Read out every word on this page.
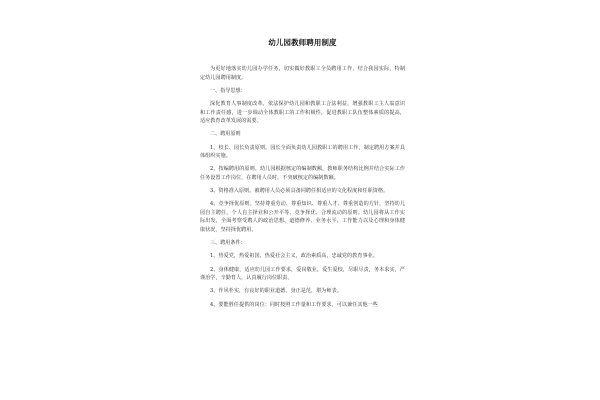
幼儿园教师聘用制度

为更好地落实幼儿园办学任务，切实做好教职工全员聘用工作，结合我园实际，特制定幼儿园聘用制度。

一、指导思想：

深化教育人事制度改革，依法保护幼儿园和教职工合法利益，增强教职工主人翁意识和工作责任感，进一步调动全体教职工的工作积极性，促进教职工队伍整体素质的提高，适应教育改革发展的需要。

二、聘用原则

1、校长、园长负责原则。园长全面负责幼儿园教职工的聘用工作，制定聘用方案并具体组织实施。

2、按编聘用的原则。幼儿园根据核定的编制数额，教师职务结构比例并结合实际工作任务设置工作岗位，在聘用人员时，不突破核定的编制数额。

3、资格准入原则。被聘用人员必须具备同聘任相适应的文化程度和任职资格。

4、竞争择优原则。坚持尊重劳动、尊重知识、尊重人才、尊重创造的方针，坚持幼儿园自主聘任，个人自主择业和公开平等、竞争择优、合理流动的原则。幼儿园将从工作实际出发，全面考察受聘人的政治思想、道德修养、业务水平、工作能力以及心理和身体健康状况，坚持择优聘用。

三、聘用条件：

1、热爱党，热爱祖国，热爱社会主义，政治素质高，忠诚党的教育事业。

2、身体健康，适应幼儿园工作要求，爱岗敬业，爱生爱校，尽职尽责，务本求实，严谨治学，辛勤育人，认真履行岗位职责。

3、作风朴实，有良好的职业道德，身正是范，堪为师表。

4、要能胜任提供的岗位：同时按照工作量和工作要求，可以兼任其他一些
